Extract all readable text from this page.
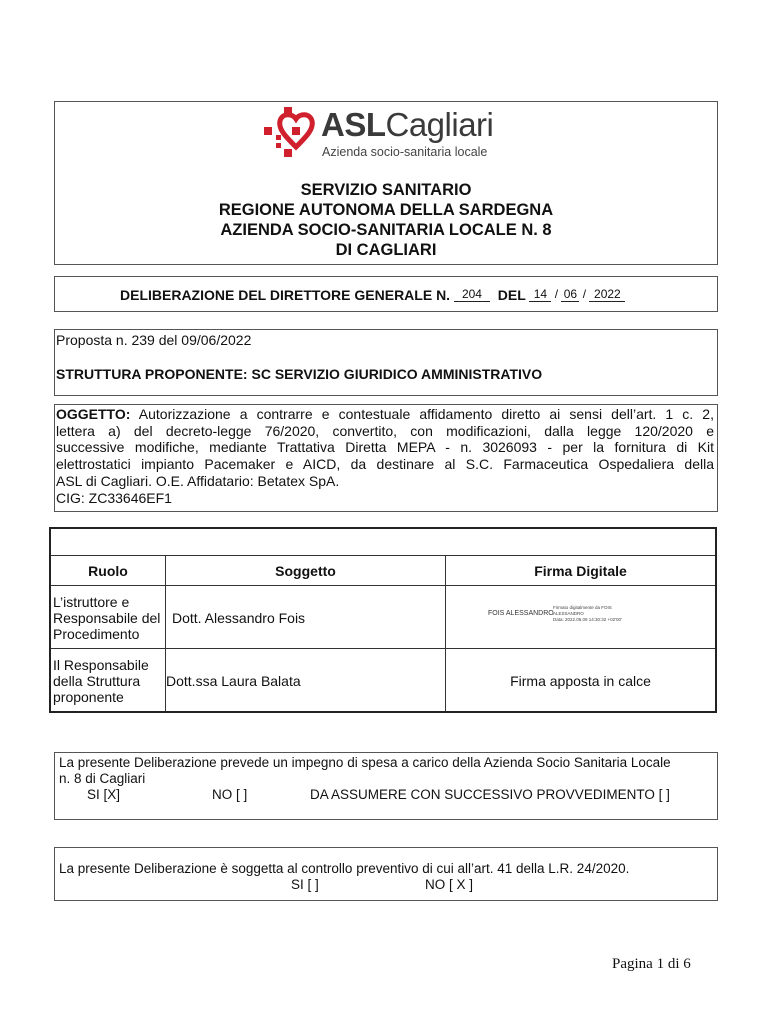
ASLCagliari
Azienda socio-sanitaria locale
SERVIZIO SANITARIO
REGIONE AUTONOMA DELLA SARDEGNA
AZIENDA SOCIO-SANITARIA LOCALE N. 8
DI CAGLIARI
DELIBERAZIONE DEL DIRETTORE GENERALE N. 204 DEL 14 / 06 / 2022
Proposta n. 239 del 09/06/2022
STRUTTURA PROPONENTE: SC SERVIZIO GIURIDICO AMMINISTRATIVO
OGGETTO: Autorizzazione a contrarre e contestuale affidamento diretto ai sensi dell’art. 1 c. 2,
lettera a) del decreto-legge 76/2020, convertito, con modificazioni, dalla legge 120/2020 e
successive modifiche, mediante Trattativa Diretta MEPA - n. 3026093 - per la fornitura di Kit
elettrostatici impianto Pacemaker e AICD, da destinare al S.C. Farmaceutica Ospedaliera della
ASL di Cagliari. O.E. Affidatario: Betatex SpA.
CIG: ZC33646EF1
Ruolo	Soggetto	Firma Digitale
L’istruttore e
Responsabile del
Procedimento
Dott. Alessandro Fois	FOIS ALESSANDRO
Firmato digitalmente da FOIS
ALESSANDRO
Data: 2022.06.09 14:30:32 +02'00'
Il Responsabile
della Struttura
proponente
Dott.ssa Laura Balata	Firma apposta in calce
La presente Deliberazione prevede un impegno di spesa a carico della Azienda Socio Sanitaria Locale
n. 8 di Cagliari
SI [X]	NO [ ]	DA ASSUMERE CON SUCCESSIVO PROVVEDIMENTO [ ]
La presente Deliberazione è soggetta al controllo preventivo di cui all’art. 41 della L.R. 24/2020.
SI [ ]	NO [ X ]
Pagina 1 di 6
